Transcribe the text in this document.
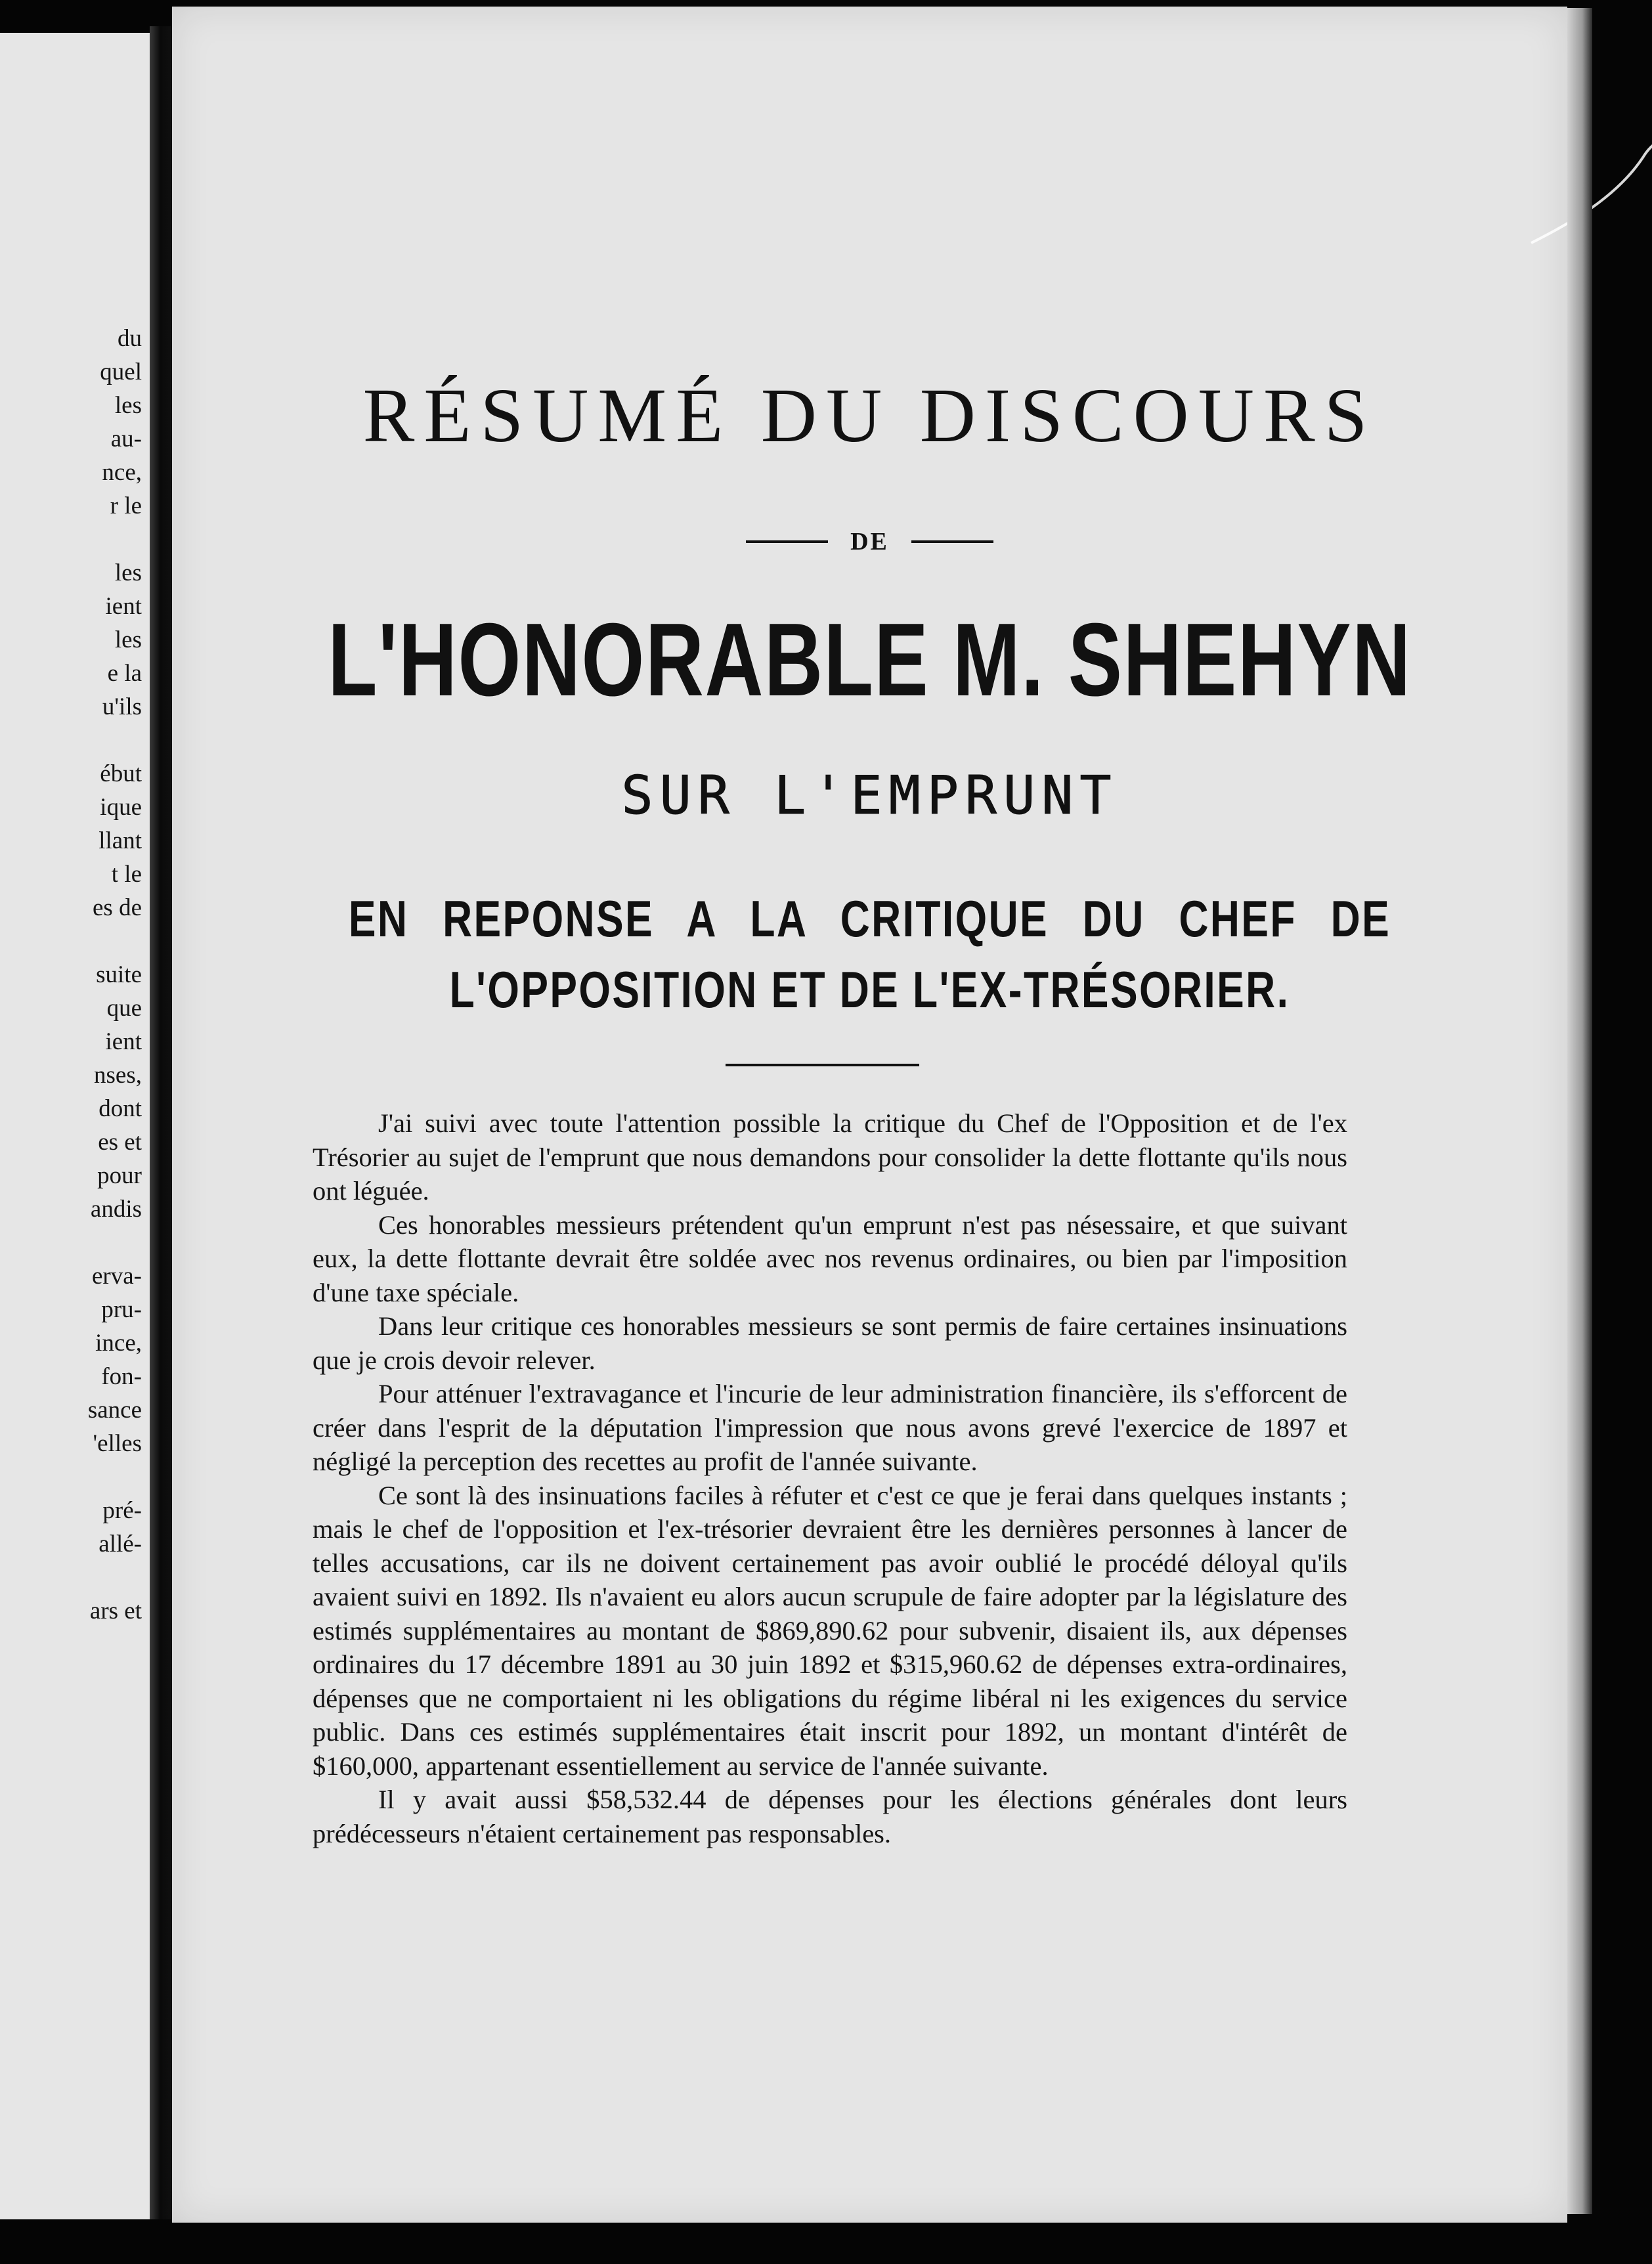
du
quel
les
au-
nce,
r le
les
ient
les
e la
u'ils
ébut
ique
llant
t le
es de
suite
que
ient
nses,
dont
es et
pour
andis
erva-
pru-
ince,
fon-
sance
'elles
pré-
allé-
ars et
RÉSUMÉ DU DISCOURS
DE
L'HONORABLE M. SHEHYN
SUR L'EMPRUNT
EN REPONSE A LA CRITIQUE DU CHEF DE
L'OPPOSITION ET DE L'EX-TRÉSORIER.

J'ai suivi avec toute l'attention possible la critique du Chef de l'Opposition et de l'ex Trésorier au sujet de l'emprunt que nous demandons pour consolider la dette flottante qu'ils nous ont léguée.

Ces honorables messieurs prétendent qu'un emprunt n'est pas nésessaire, et que suivant eux, la dette flottante devrait être soldée avec nos revenus ordinaires, ou bien par l'imposition d'une taxe spéciale.

Dans leur critique ces honorables messieurs se sont permis de faire certaines insinuations que je crois devoir relever.

Pour atténuer l'extravagance et l'incurie de leur administration financière, ils s'efforcent de créer dans l'esprit de la députation l'impression que nous avons grevé l'exercice de 1897 et négligé la perception des recettes au profit de l'année suivante.

Ce sont là des insinuations faciles à réfuter et c'est ce que je ferai dans quelques instants ; mais le chef de l'opposition et l'ex-trésorier devraient être les dernières personnes à lancer de telles accusations, car ils ne doivent certainement pas avoir oublié le procédé déloyal qu'ils avaient suivi en 1892. Ils n'avaient eu alors aucun scrupule de faire adopter par la législature des estimés supplémentaires au montant de $869,890.62 pour subvenir, disaient ils, aux dépenses ordinaires du 17 décembre 1891 au 30 juin 1892 et $315,960.62 de dépenses extra-ordinaires, dépenses que ne comportaient ni les obligations du régime libéral ni les exigences du service public. Dans ces estimés supplémentaires était inscrit pour 1892, un montant d'intérêt de $160,000, appartenant essentiellement au service de l'année suivante.

Il y avait aussi $58,532.44 de dépenses pour les élections générales dont leurs prédécesseurs n'étaient certainement pas responsables.
